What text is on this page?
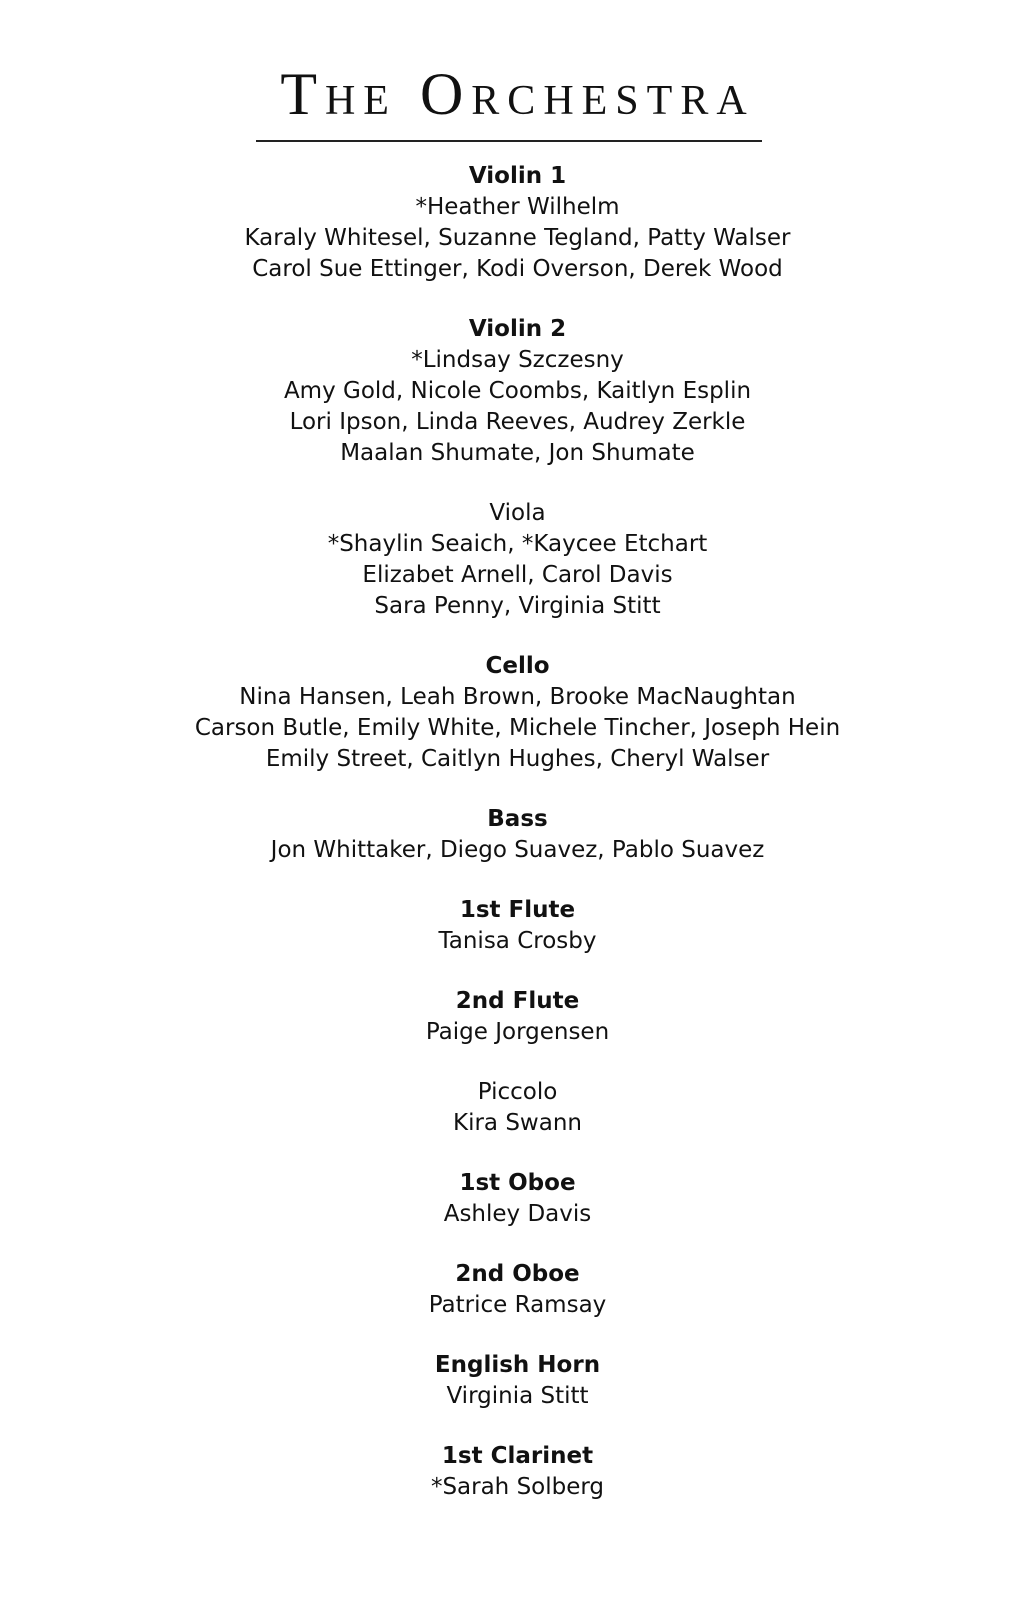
The Orchestra
Violin 1
*Heather Wilhelm
Karaly Whitesel, Suzanne Tegland, Patty Walser
Carol Sue Ettinger, Kodi Overson, Derek Wood
Violin 2
*Lindsay Szczesny
Amy Gold, Nicole Coombs, Kaitlyn Esplin
Lori Ipson, Linda Reeves, Audrey Zerkle
Maalan Shumate, Jon Shumate
Viola
*Shaylin Seaich, *Kaycee Etchart
Elizabet Arnell, Carol Davis
Sara Penny, Virginia Stitt
Cello
Nina Hansen, Leah Brown, Brooke MacNaughtan
Carson Butle, Emily White, Michele Tincher, Joseph Hein
Emily Street, Caitlyn Hughes, Cheryl Walser
Bass
Jon Whittaker, Diego Suavez, Pablo Suavez
1st Flute
Tanisa Crosby
2nd Flute
Paige Jorgensen
Piccolo
Kira Swann
1st Oboe
Ashley Davis
2nd Oboe
Patrice Ramsay
English Horn
Virginia Stitt
1st Clarinet
*Sarah Solberg
